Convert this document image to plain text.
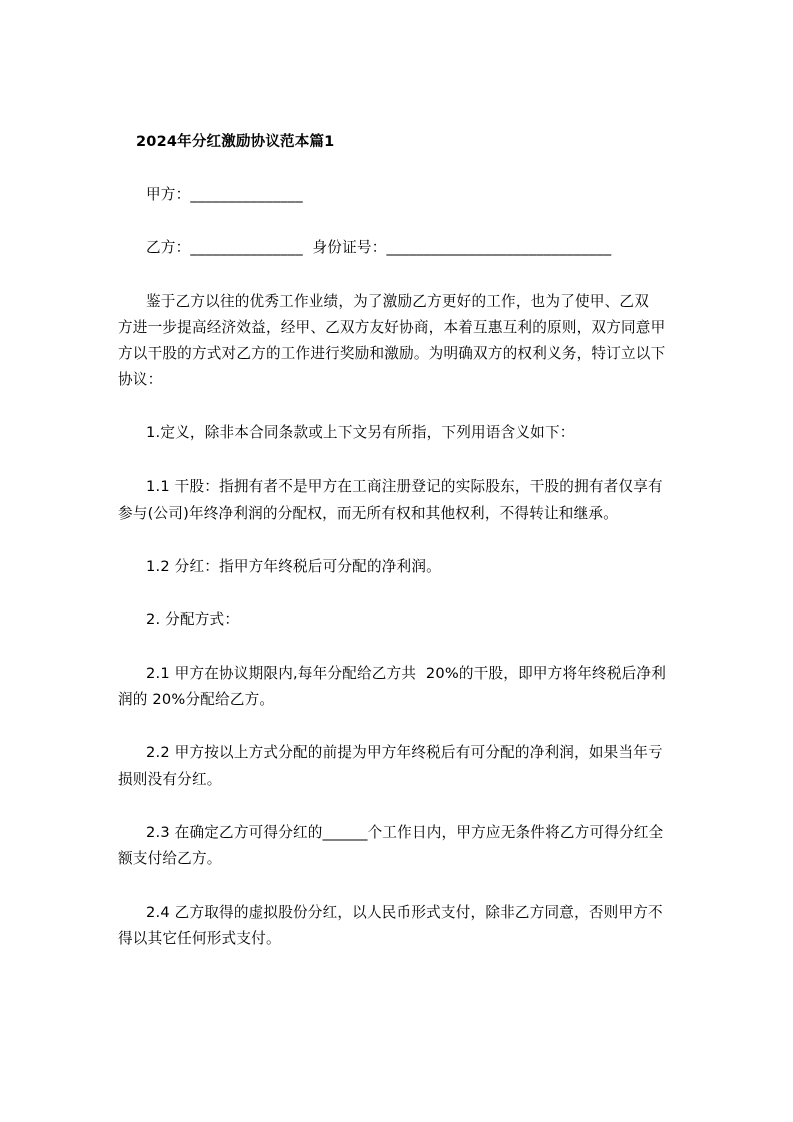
2024年分红激励协议范本篇1
甲方：_______________
乙方：_______________  身份证号：______________________________
鉴于乙方以往的优秀工作业绩，为了激励乙方更好的工作，也为了使甲、乙双
方进一步提高经济效益，经甲、乙双方友好协商，本着互惠互利的原则，双方同意甲
方以干股的方式对乙方的工作进行奖励和激励。为明确双方的权利义务，特订立以下
协议：
1.定义，除非本合同条款或上下文另有所指，下列用语含义如下：
1.1 干股：指拥有者不是甲方在工商注册登记的实际股东，干股的拥有者仅享有
参与(公司)年终净利润的分配权，而无所有权和其他权利，不得转让和继承。
1.2 分红：指甲方年终税后可分配的净利润。
2. 分配方式：
2.1 甲方在协议期限内,每年分配给乙方共  20%的干股，即甲方将年终税后净利
润的 20%分配给乙方。
2.2 甲方按以上方式分配的前提为甲方年终税后有可分配的净利润，如果当年亏
损则没有分红。
2.3 在确定乙方可得分红的______个工作日内，甲方应无条件将乙方可得分红全
额支付给乙方。
2.4 乙方取得的虚拟股份分红，以人民币形式支付，除非乙方同意，否则甲方不
得以其它任何形式支付。
